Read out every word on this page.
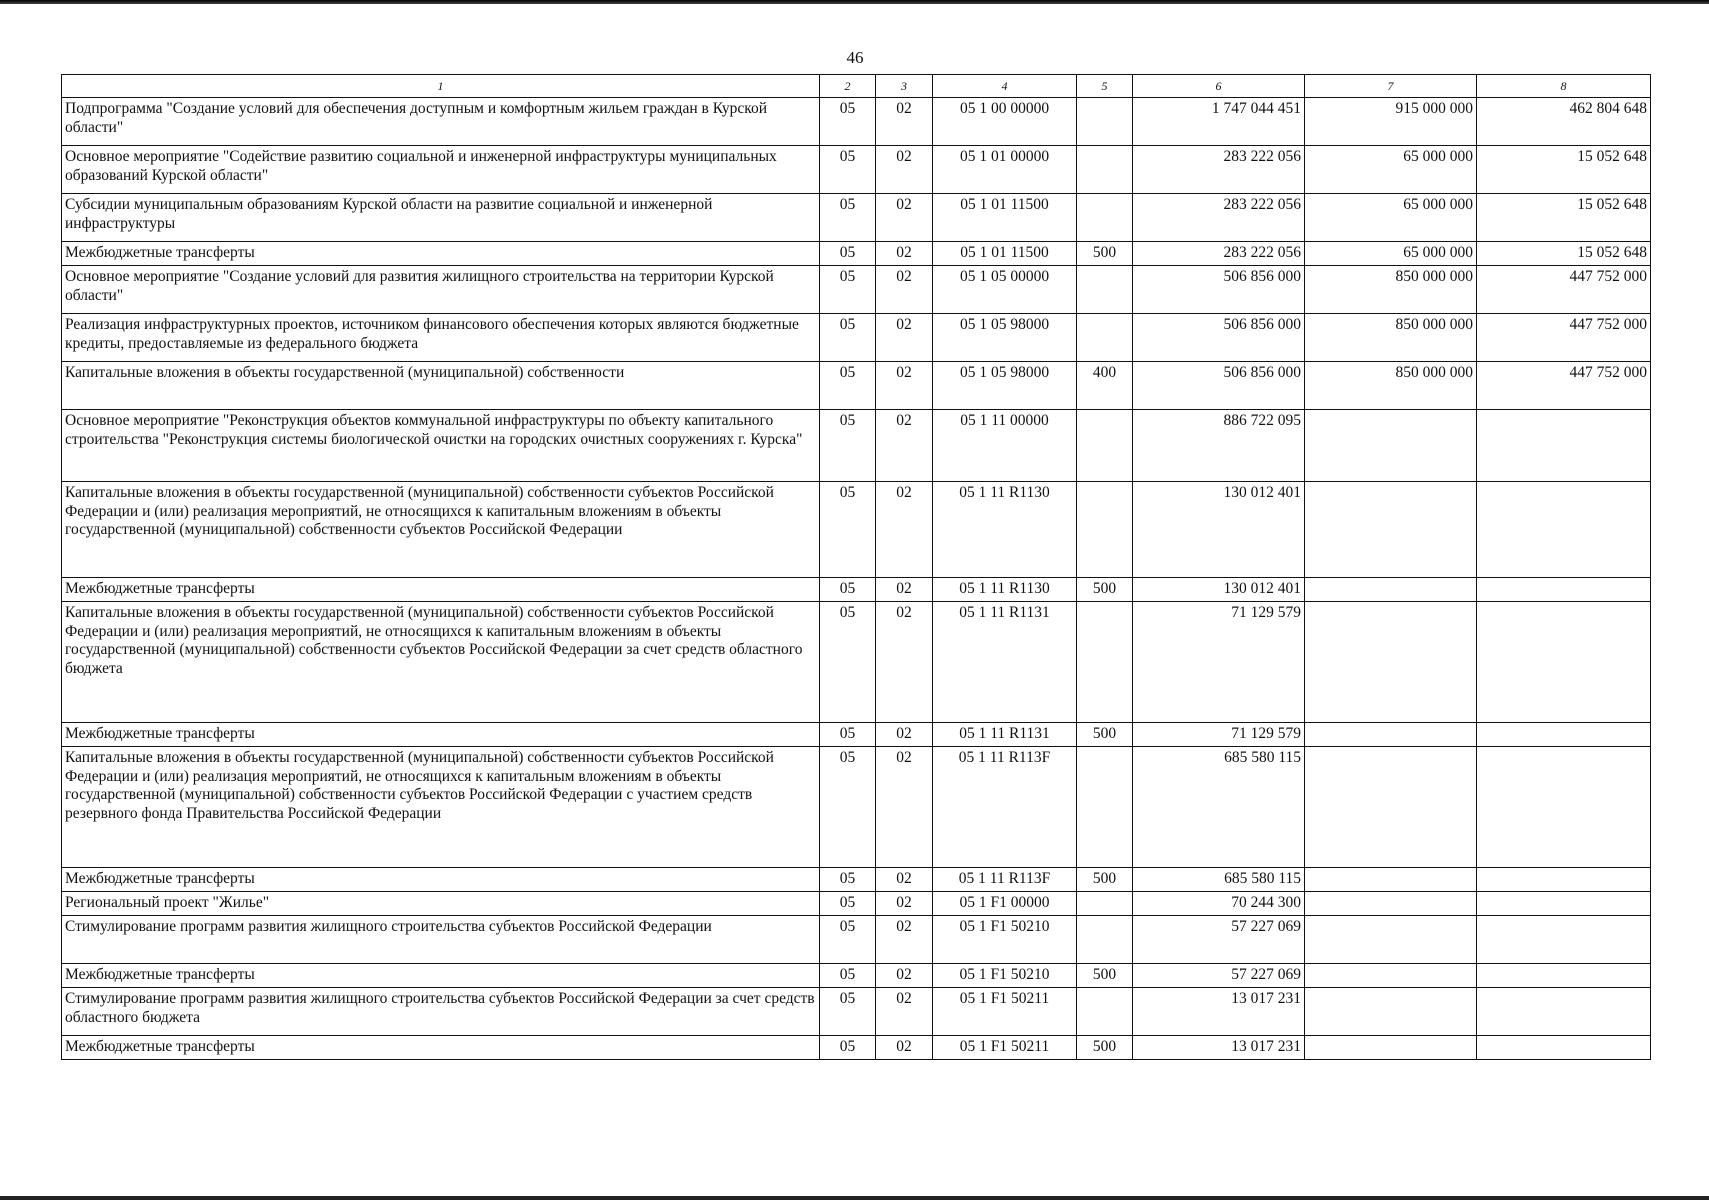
46
1	2	3	4	5	6	7	8
Подпрограмма "Создание условий для обеспечения доступным и комфортным жильем граждан в Курской области"	05	02	05 1 00 00000		1 747 044 451	915 000 000	462 804 648
Основное мероприятие "Содействие развитию социальной и инженерной инфраструктуры муниципальных образований Курской области"	05	02	05 1 01 00000		283 222 056	65 000 000	15 052 648
Субсидии муниципальным образованиям Курской области на развитие социальной и инженерной инфраструктуры	05	02	05 1 01 11500		283 222 056	65 000 000	15 052 648
Межбюджетные трансферты	05	02	05 1 01 11500	500	283 222 056	65 000 000	15 052 648
Основное мероприятие "Создание условий для развития жилищного строительства на территории Курской области"	05	02	05 1 05 00000		506 856 000	850 000 000	447 752 000
Реализация инфраструктурных проектов, источником финансового обеспечения которых являются бюджетные кредиты, предоставляемые из федерального бюджета	05	02	05 1 05 98000		506 856 000	850 000 000	447 752 000
Капитальные вложения в объекты государственной (муниципальной) собственности	05	02	05 1 05 98000	400	506 856 000	850 000 000	447 752 000
Основное мероприятие "Реконструкция объектов коммунальной инфраструктуры по объекту капитального строительства "Реконструкция системы биологической очистки на городских очистных сооружениях г. Курска"	05	02	05 1 11 00000		886 722 095		
Капитальные вложения в объекты государственной (муниципальной) собственности субъектов Российской Федерации и (или) реализация мероприятий, не относящихся к капитальным вложениям в объекты государственной (муниципальной) собственности субъектов Российской Федерации	05	02	05 1 11 R1130		130 012 401		
Межбюджетные трансферты	05	02	05 1 11 R1130	500	130 012 401		
Капитальные вложения в объекты государственной (муниципальной) собственности субъектов Российской Федерации и (или) реализация мероприятий, не относящихся к капитальным вложениям в объекты государственной (муниципальной) собственности субъектов Российской Федерации за счет средств областного бюджета	05	02	05 1 11 R1131		71 129 579		
Межбюджетные трансферты	05	02	05 1 11 R1131	500	71 129 579		
Капитальные вложения в объекты государственной (муниципальной) собственности субъектов Российской Федерации и (или) реализация мероприятий, не относящихся к капитальным вложениям в объекты государственной (муниципальной) собственности субъектов Российской Федерации с участием средств резервного фонда Правительства Российской Федерации	05	02	05 1 11 R113F		685 580 115		
Межбюджетные трансферты	05	02	05 1 11 R113F	500	685 580 115		
Региональный проект "Жилье"	05	02	05 1 F1 00000		70 244 300		
Стимулирование программ развития жилищного строительства субъектов Российской Федерации	05	02	05 1 F1 50210		57 227 069		
Межбюджетные трансферты	05	02	05 1 F1 50210	500	57 227 069		
Стимулирование программ развития жилищного строительства субъектов Российской Федерации за счет средств областного бюджета	05	02	05 1 F1 50211		13 017 231		
Межбюджетные трансферты	05	02	05 1 F1 50211	500	13 017 231		
